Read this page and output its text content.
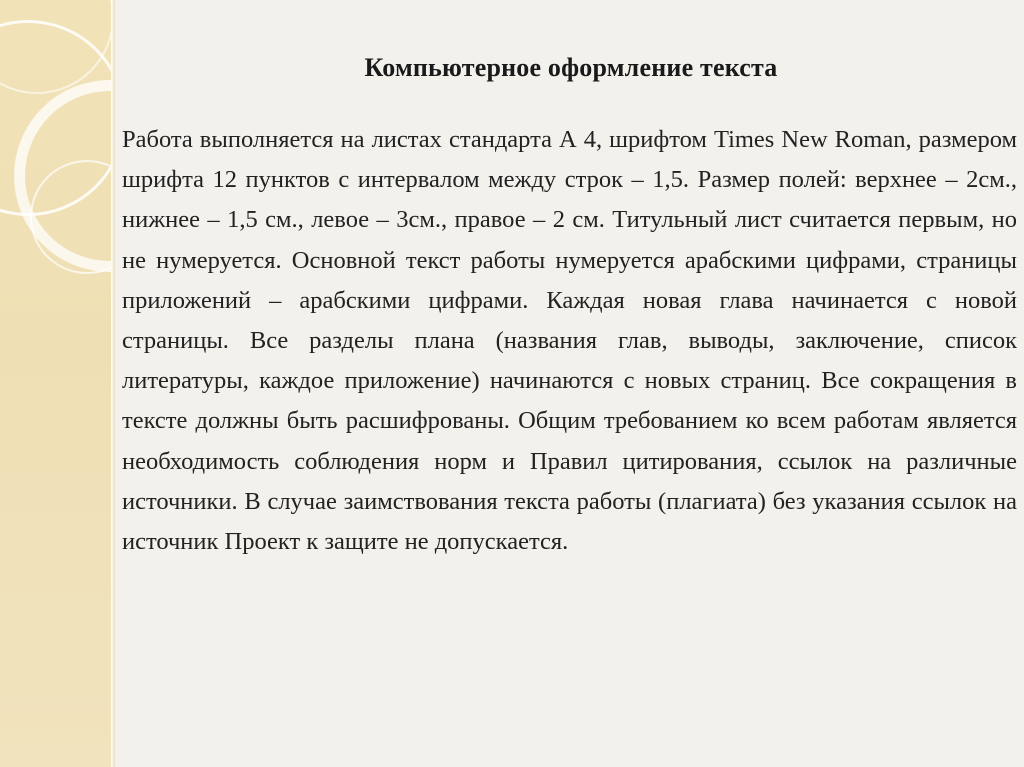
Компьютерное оформление текста

Работа выполняется на листах стандарта А 4, шрифтом Times New Roman, размером шрифта 12 пунктов с интервалом между строк – 1,5. Размер полей: верхнее – 2см., нижнее – 1,5 см., левое – 3см., правое – 2 см. Титульный лист считается первым, но не нумеруется. Основной текст работы нумеруется арабскими цифрами, страницы приложений – арабскими цифрами. Каждая новая глава начинается с новой страницы. Все разделы плана (названия глав, выводы, заключение, список литературы, каждое приложение) начинаются с новых страниц. Все сокращения в тексте должны быть расшифрованы. Общим требованием ко всем работам является необходимость соблюдения норм и Правил цитирования, ссылок на различные источники. В случае заимствования текста работы (плагиата) без указания ссылок на источник Проект к защите не допускается.
